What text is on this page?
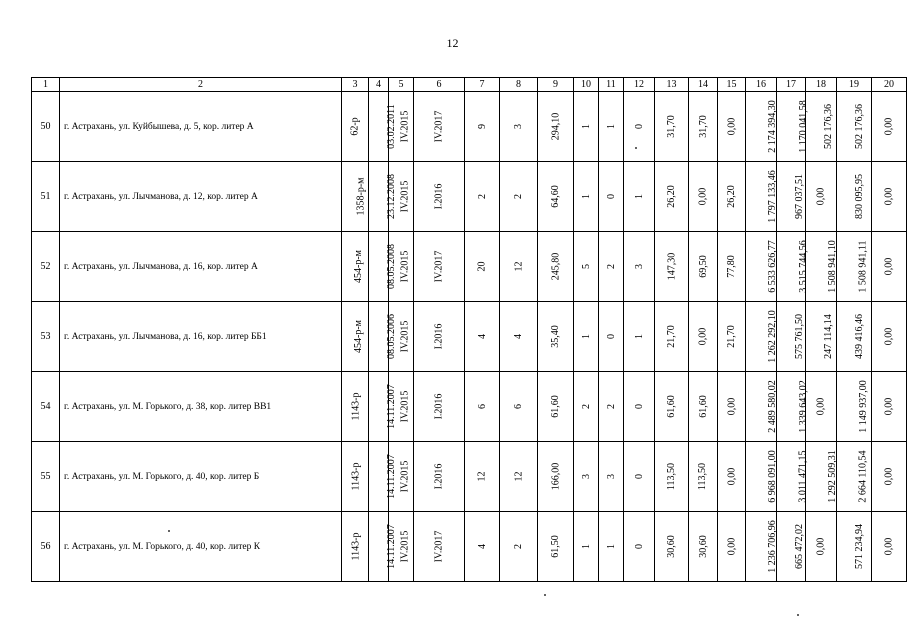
12
1	2	3	4	5	6	7	8	9	10	11	12	13	14	15	16	17	18	19	20
50	г. Астрахань, ул. Куйбышева, д. 5, кор. литер А	62-р	03.02.2011	IV.2015	IV.2017	9	3	294,10	1	1	0	31,70	31,70	0,00	2 174 394,30	1 170 041,58	502 176,36	502 176,36	0,00
51	г. Астрахань, ул. Лычманова, д. 12, кор. литер А	1358-р-м	23.12.2008	IV.2015	I.2016	2	2	64,60	1	0	1	26,20	0,00	26,20	1 797 133,46	967 037,51	0,00	830 095,95	0,00
52	г. Астрахань, ул. Лычманова, д. 16, кор. литер А	454-р-м	08.05.2008	IV.2015	IV.2017	20	12	245,80	5	2	3	147,30	69,50	77,80	6 533 626,77	3 515 744,56	1 508 941,10	1 508 941,11	0,00
53	г. Астрахань, ул. Лычманова, д. 16, кор. литер ББ1	454-р-м	08.05.2006	IV.2015	I.2016	4	4	35,40	1	0	1	21,70	0,00	21,70	1 262 292,10	575 761,50	247 114,14	439 416,46	0,00
54	г. Астрахань, ул. М. Горького, д. 38, кор. литер ВВ1	1143-р	14.11.2007	IV.2015	I.2016	6	6	61,60	2	2	0	61,60	61,60	0,00	2 489 580,02	1 339 643,02	0,00	1 149 937,00	0,00
55	г. Астрахань, ул. М. Горького, д. 40, кор. литер Б	1143-р	14.11.2007	IV.2015	I.2016	12	12	166,00	3	3	0	113,50	113,50	0,00	6 968 091,00	3 011 471,15	1 292 509,31	2 664 110,54	0,00
56	г. Астрахань, ул. М. Горького, д. 40, кор. литер К	1143-р	14.11.2007	IV.2015	IV.2017	4	2	61,50	1	1	0	30,60	30,60	0,00	1 236 706,96	665 472,02	0,00	571 234,94	0,00
